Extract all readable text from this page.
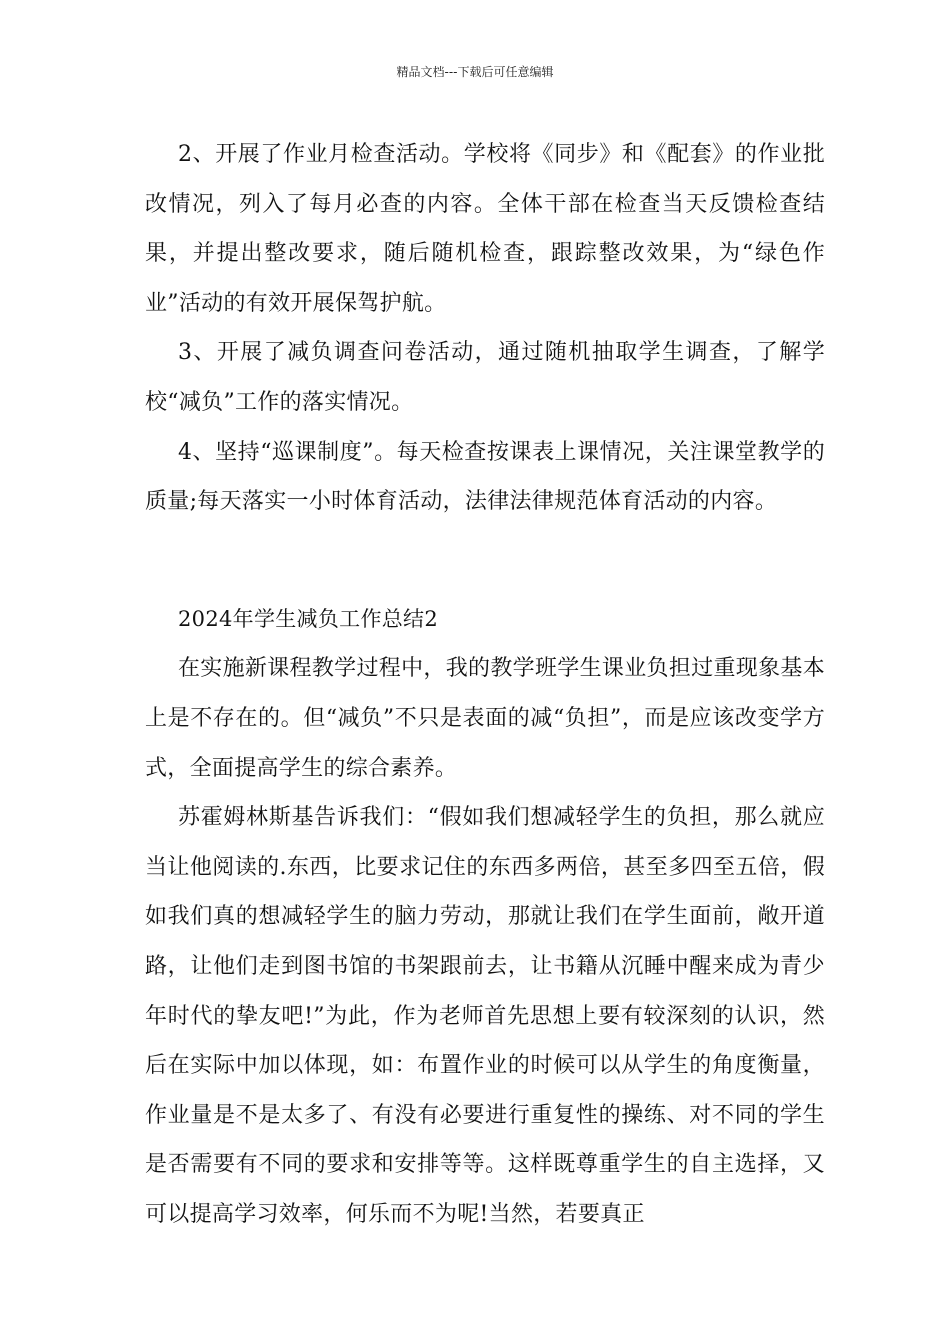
精品文档---下载后可任意编辑

2、开展了作业月检查活动。学校将《同步》和《配套》的作业批改情况，列入了每月必查的内容。全体干部在检查当天反馈检查结果，并提出整改要求，随后随机检查，跟踪整改效果，为“绿色作业”活动的有效开展保驾护航。

3、开展了减负调查问卷活动，通过随机抽取学生调查，了解学校“减负”工作的落实情况。

4、坚持“巡课制度”。每天检查按课表上课情况，关注课堂教学的质量;每天落实一小时体育活动，法律法律规范体育活动的内容。

2024年学生减负工作总结2

在实施新课程教学过程中，我的教学班学生课业负担过重现象基本上是不存在的。但“减负”不只是表面的减“负担”，而是应该改变学方式，全面提高学生的综合素养。

苏霍姆林斯基告诉我们：“假如我们想减轻学生的负担，那么就应当让他阅读的.东西，比要求记住的东西多两倍，甚至多四至五倍，假如我们真的想减轻学生的脑力劳动，那就让我们在学生面前，敞开道路，让他们走到图书馆的书架跟前去，让书籍从沉睡中醒来成为青少年时代的挚友吧!”为此，作为老师首先思想上要有较深刻的认识，然后在实际中加以体现，如：布置作业的时候可以从学生的角度衡量，作业量是不是太多了、有没有必要进行重复性的操练、对不同的学生是否需要有不同的要求和安排等等。这样既尊重学生的自主选择，又可以提高学习效率，何乐而不为呢!当然，若要真正
